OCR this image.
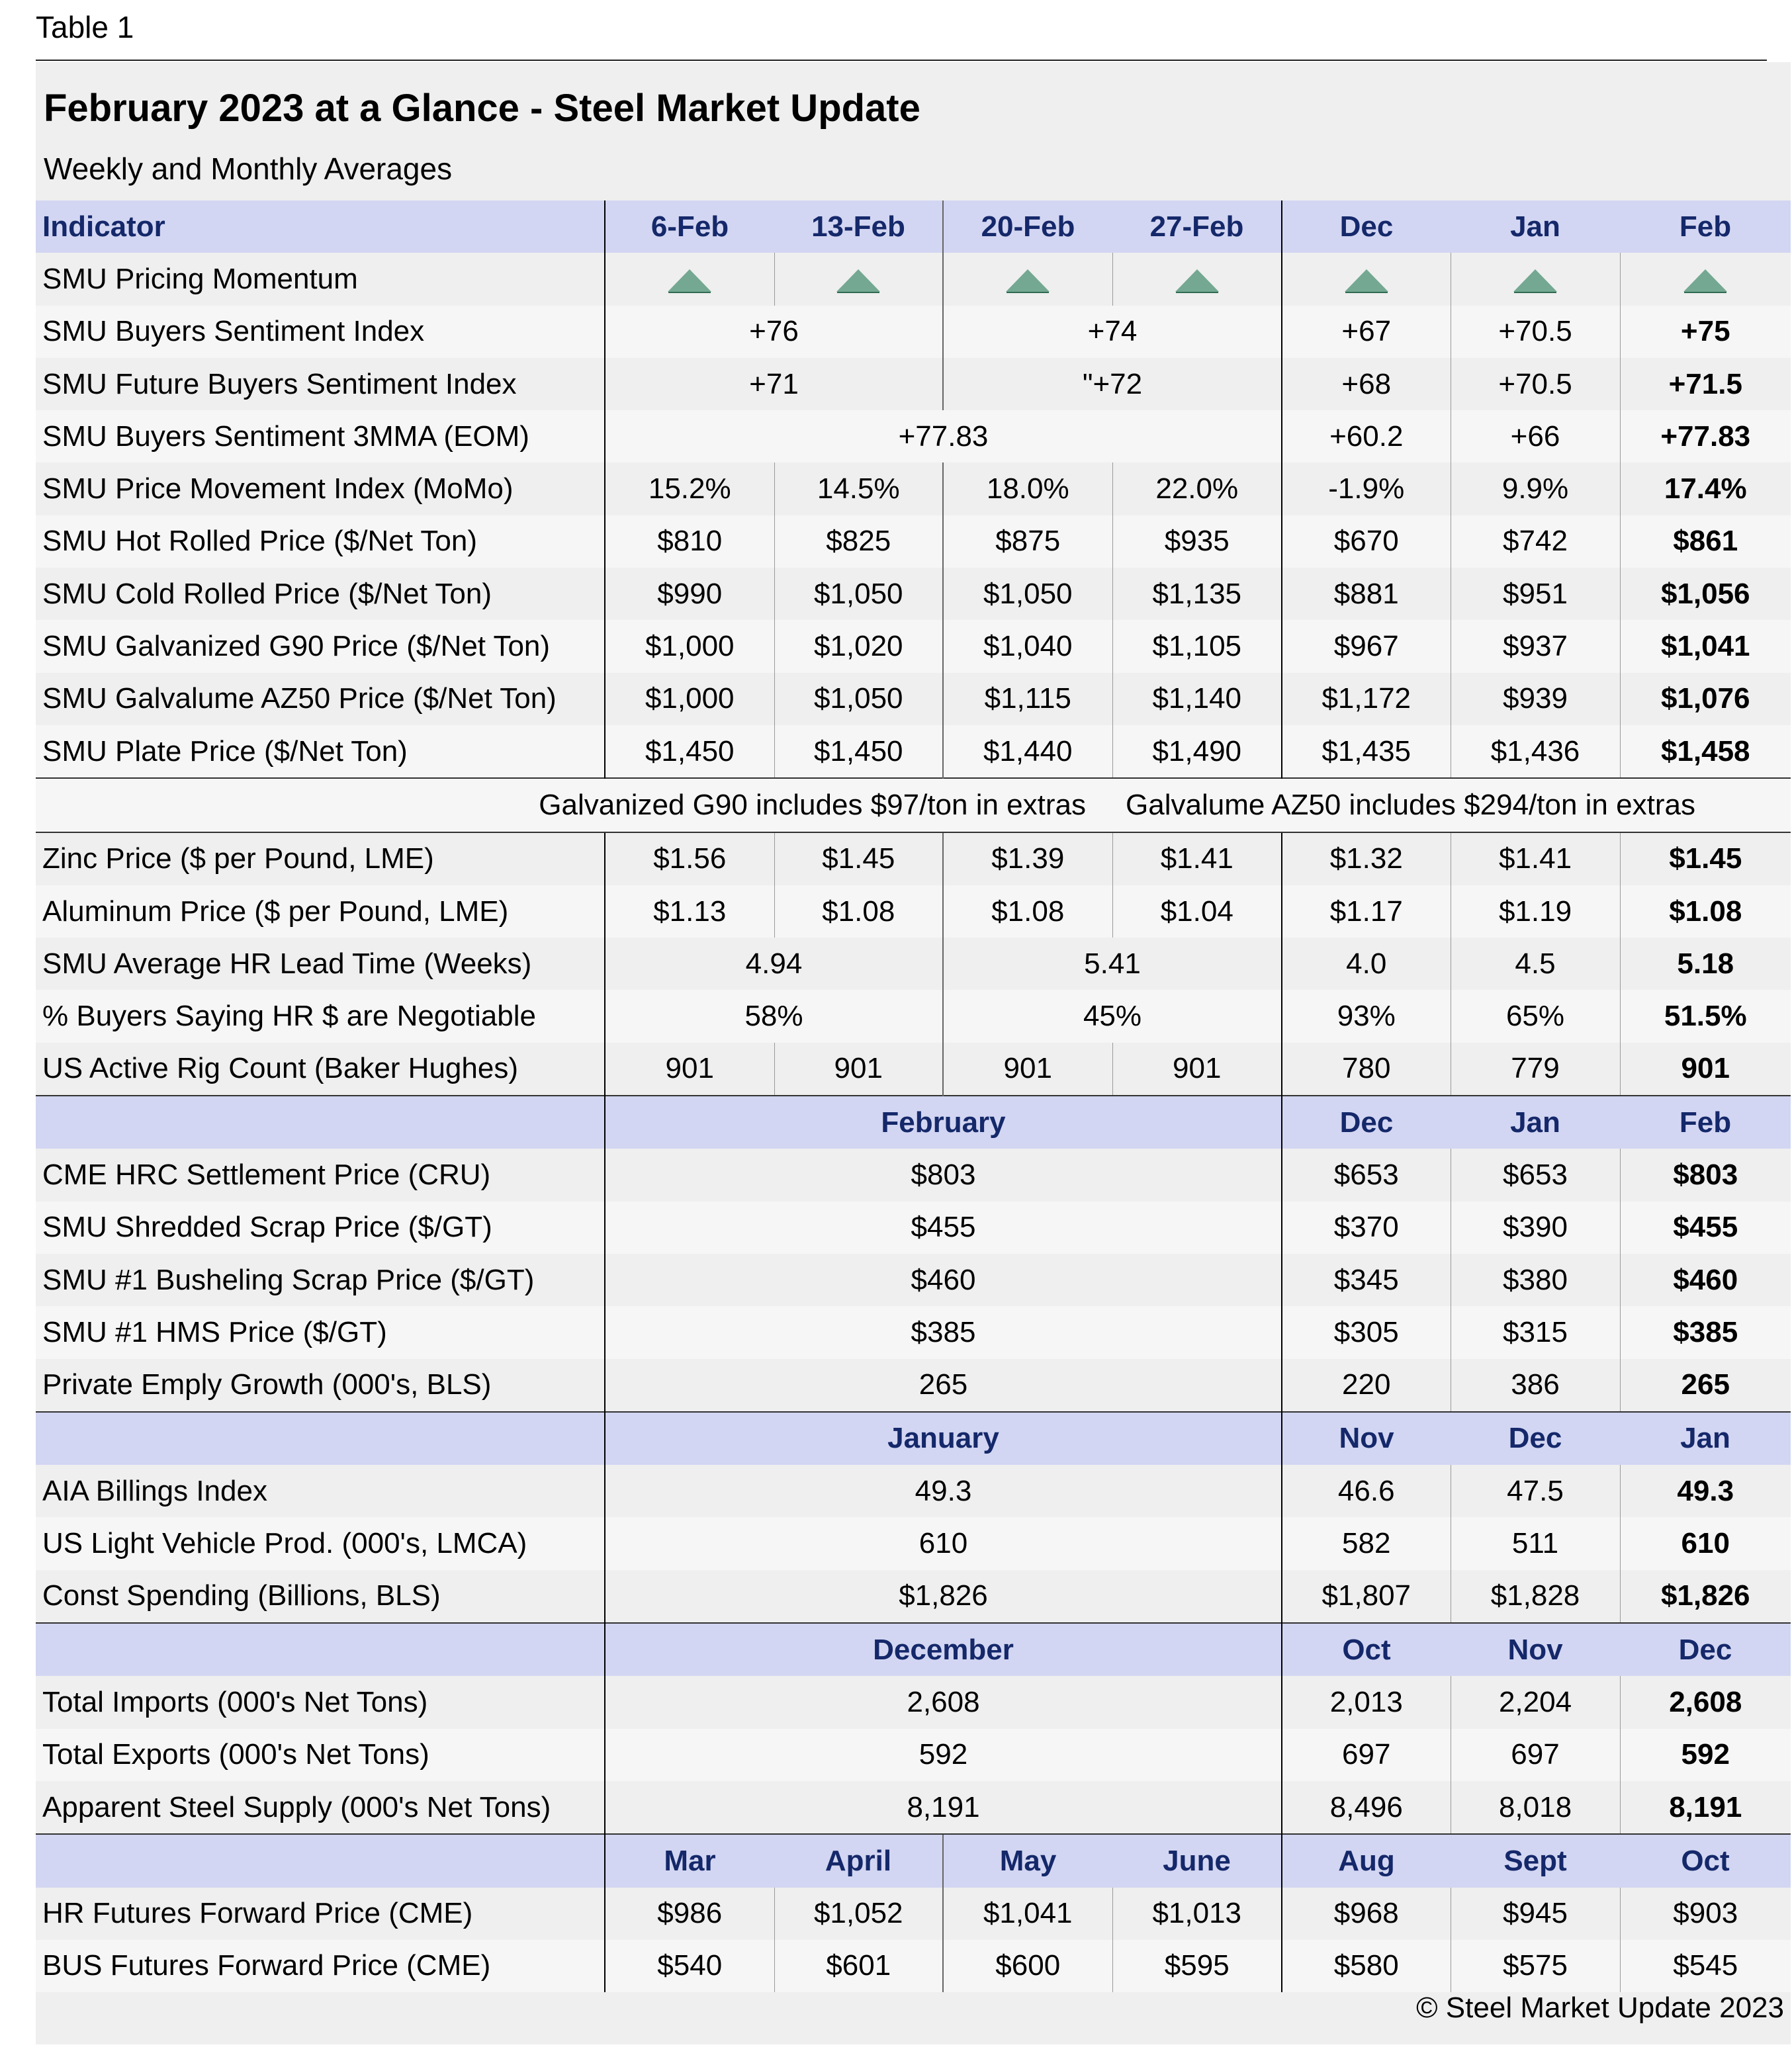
Table 1
February 2023 at a Glance - Steel Market Update
Weekly and Monthly Averages
Indicator	6-Feb	13-Feb	20-Feb	27-Feb	Dec	Jan	Feb
SMU Pricing Momentum							
SMU Buyers Sentiment Index	+76		+74		+67	+70.5	+75
SMU Future Buyers Sentiment Index	+71		"+72		+68	+70.5	+71.5
SMU Buyers Sentiment 3MMA (EOM)	+77.83				+60.2	+66	+77.83
SMU Price Movement Index (MoMo)	15.2%	14.5%	18.0%	22.0%	-1.9%	9.9%	17.4%
SMU Hot Rolled Price ($/Net Ton)	$810	$825	$875	$935	$670	$742	$861
SMU Cold Rolled Price ($/Net Ton)	$990	$1,050	$1,050	$1,135	$881	$951	$1,056
SMU Galvanized G90 Price ($/Net Ton)	$1,000	$1,020	$1,040	$1,105	$967	$937	$1,041
SMU Galvalume AZ50 Price ($/Net Ton)	$1,000	$1,050	$1,115	$1,140	$1,172	$939	$1,076
SMU Plate Price ($/Net Ton)	$1,450	$1,450	$1,440	$1,490	$1,435	$1,436	$1,458
Galvanized G90 includes $97/ton in extras				Galvalume AZ50 includes $294/ton in extras			
Zinc Price ($ per Pound, LME)	$1.56	$1.45	$1.39	$1.41	$1.32	$1.41	$1.45
Aluminum Price ($ per Pound, LME)	$1.13	$1.08	$1.08	$1.04	$1.17	$1.19	$1.08
SMU Average HR Lead Time (Weeks)	4.94		5.41		4.0	4.5	5.18
% Buyers Saying HR $ are Negotiable	58%		45%		93%	65%	51.5%
US Active Rig Count (Baker Hughes)	901	901	901	901	780	779	901
	February				Dec	Jan	Feb
CME HRC Settlement Price (CRU)	$803				$653	$653	$803
SMU Shredded Scrap Price ($/GT)	$455				$370	$390	$455
SMU #1 Busheling Scrap Price ($/GT)	$460				$345	$380	$460
SMU #1 HMS Price ($/GT)	$385				$305	$315	$385
Private Emply Growth (000's, BLS)	265				220	386	265
	January				Nov	Dec	Jan
AIA Billings Index	49.3				46.6	47.5	49.3
US Light Vehicle Prod. (000's, LMCA)	610				582	511	610
Const Spending (Billions, BLS)	$1,826				$1,807	$1,828	$1,826
	December				Oct	Nov	Dec
Total Imports (000's Net Tons)	2,608				2,013	2,204	2,608
Total Exports (000's Net Tons)	592				697	697	592
Apparent Steel Supply (000's Net Tons)	8,191				8,496	8,018	8,191
	Mar	April	May	June	Aug	Sept	Oct
HR Futures Forward Price (CME)	$986	$1,052	$1,041	$1,013	$968	$945	$903
BUS Futures Forward Price (CME)	$540	$601	$600	$595	$580	$575	$545
© Steel Market Update 2023
